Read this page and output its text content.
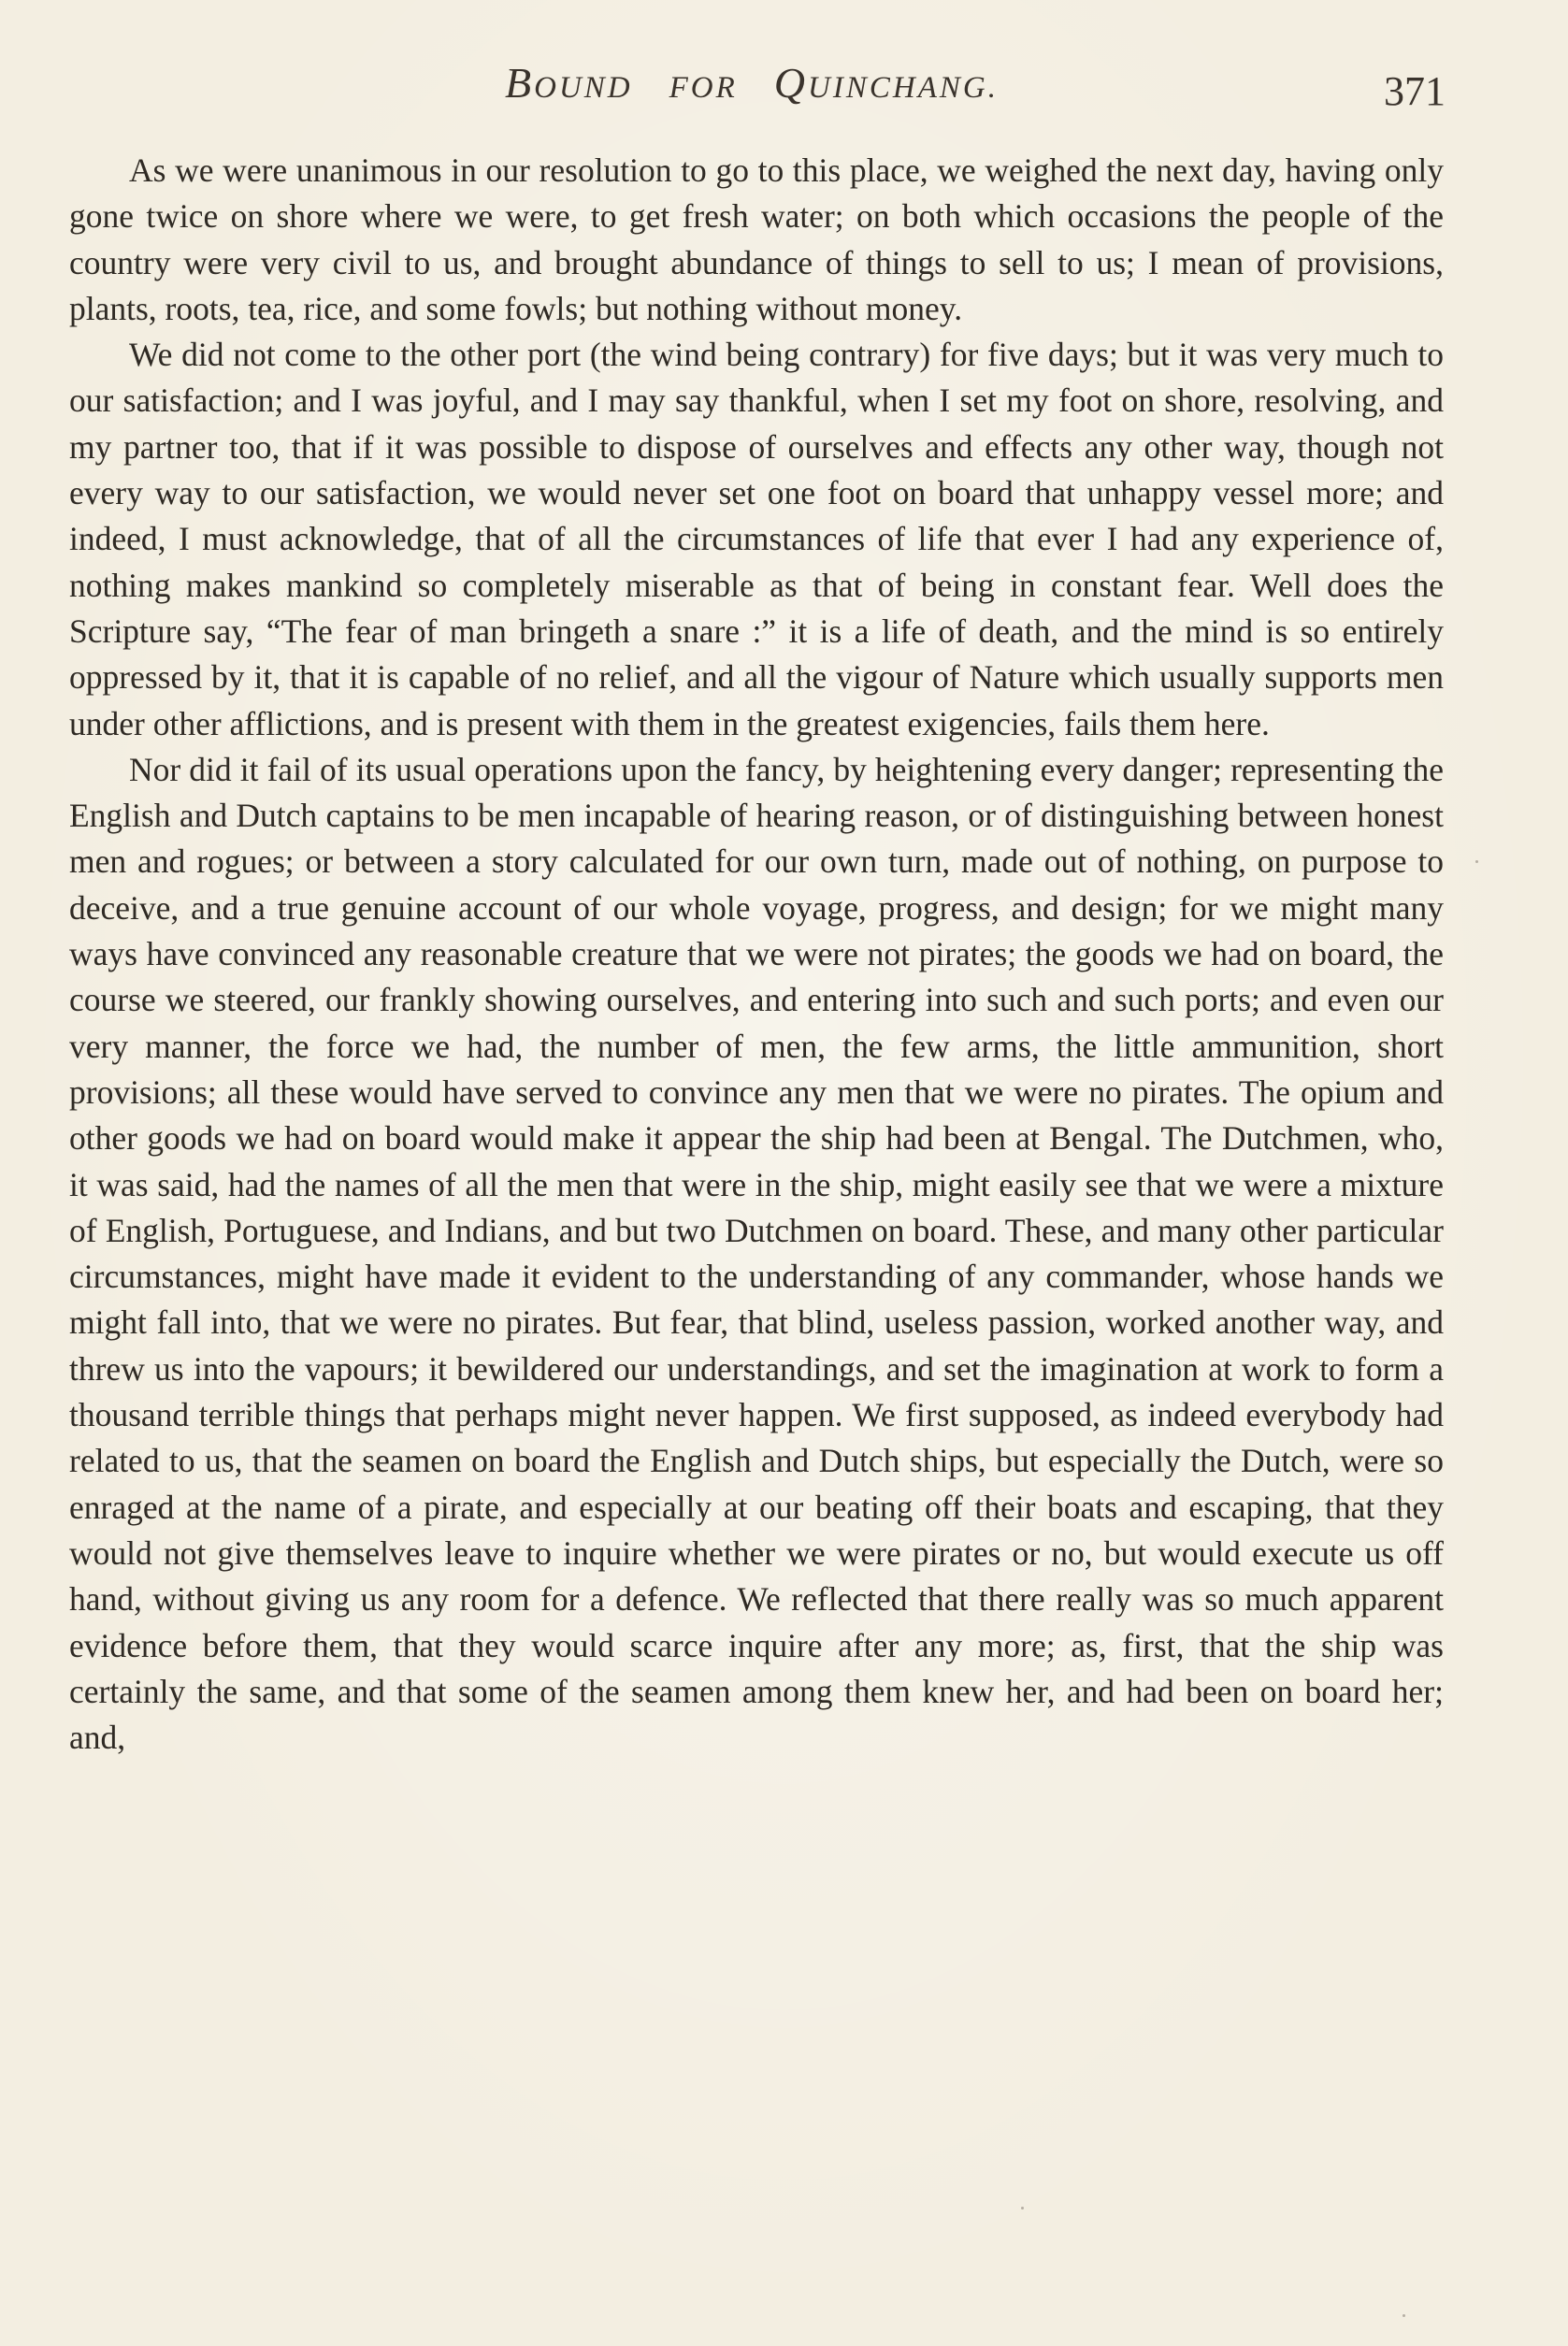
BOUND FOR QUINCHANG.	371

As we were unanimous in our resolution to go to this place, we weighed the next day, having only gone twice on shore where we were, to get fresh water; on both which occasions the people of the country were very civil to us, and brought abundance of things to sell to us; I mean of provisions, plants, roots, tea, rice, and some fowls; but nothing without money.

We did not come to the other port (the wind being contrary) for five days; but it was very much to our satisfaction; and I was joyful, and I may say thankful, when I set my foot on shore, resolving, and my partner too, that if it was possible to dispose of ourselves and effects any other way, though not every way to our satisfaction, we would never set one foot on board that unhappy vessel more; and indeed, I must acknowledge, that of all the circumstances of life that ever I had any experience of, nothing makes mankind so completely miserable as that of being in constant fear. Well does the Scripture say, “The fear of man bringeth a snare :” it is a life of death, and the mind is so entirely oppressed by it, that it is capable of no relief, and all the vigour of Nature which usually supports men under other afflictions, and is present with them in the greatest exigencies, fails them here.

Nor did it fail of its usual operations upon the fancy, by heightening every danger; representing the English and Dutch captains to be men incapable of hearing reason, or of distinguishing between honest men and rogues; or between a story calculated for our own turn, made out of nothing, on purpose to deceive, and a true genuine account of our whole voyage, progress, and design; for we might many ways have convinced any reasonable creature that we were not pirates; the goods we had on board, the course we steered, our frankly showing ourselves, and entering into such and such ports; and even our very manner, the force we had, the number of men, the few arms, the little ammunition, short provisions; all these would have served to convince any men that we were no pirates. The opium and other goods we had on board would make it appear the ship had been at Bengal. The Dutchmen, who, it was said, had the names of all the men that were in the ship, might easily see that we were a mixture of English, Portuguese, and Indians, and but two Dutchmen on board. These, and many other particular circumstances, might have made it evident to the understanding of any commander, whose hands we might fall into, that we were no pirates. But fear, that blind, useless passion, worked another way, and threw us into the vapours; it bewildered our understandings, and set the imagination at work to form a thousand terrible things that perhaps might never happen. We first supposed, as indeed everybody had related to us, that the seamen on board the English and Dutch ships, but especially the Dutch, were so enraged at the name of a pirate, and especially at our beating off their boats and escaping, that they would not give themselves leave to inquire whether we were pirates or no, but would execute us off hand, without giving us any room for a defence. We reflected that there really was so much apparent evidence before them, that they would scarce inquire after any more; as, first, that the ship was certainly the same, and that some of the seamen among them knew her, and had been on board her; and,
